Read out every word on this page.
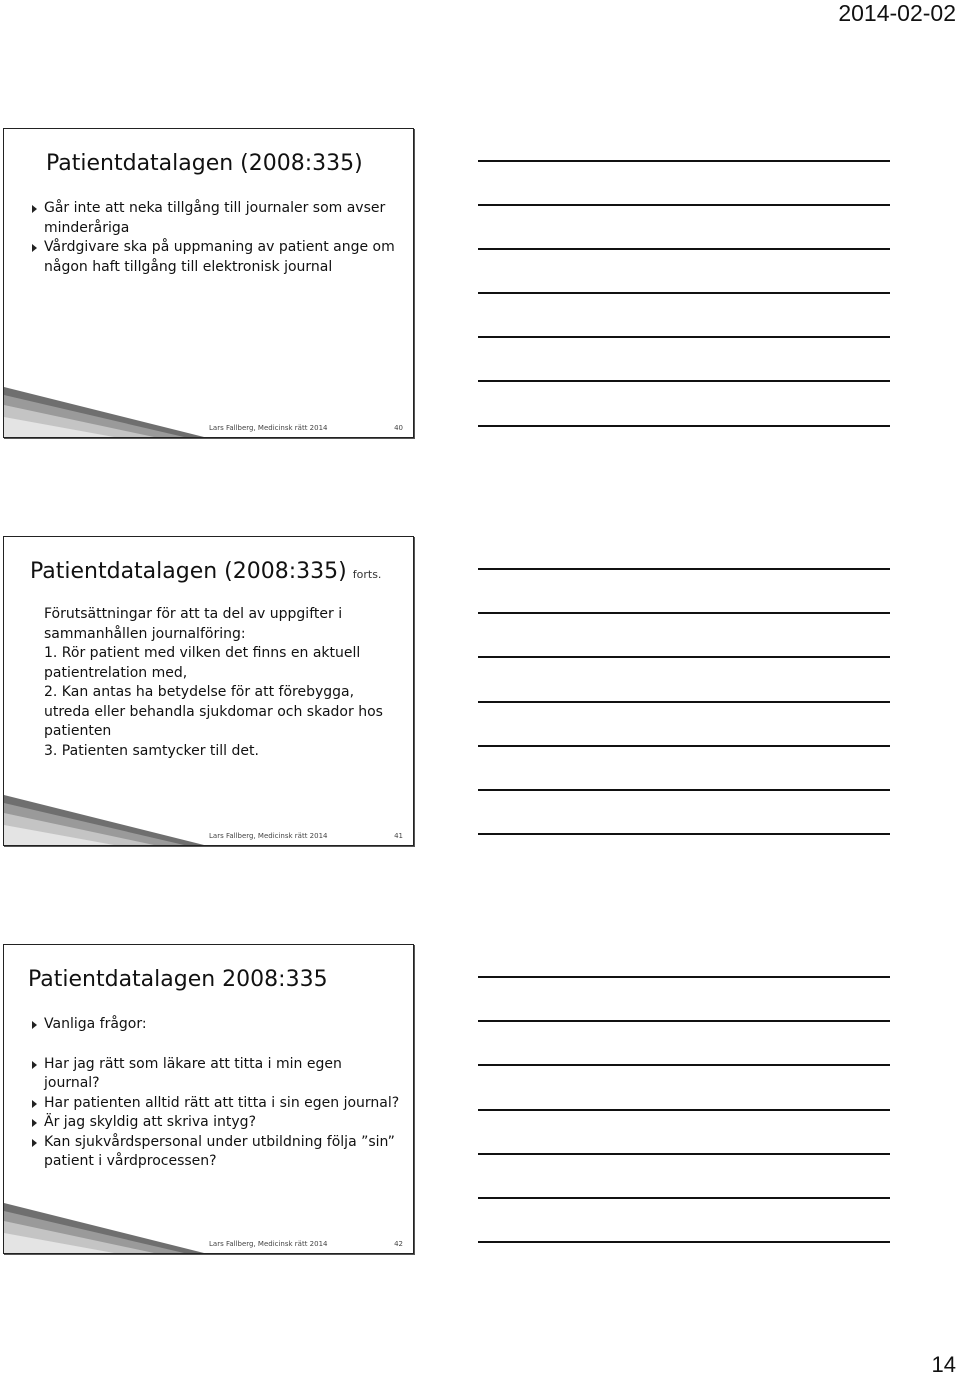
2014-02-02
Patientdatalagen (2008:335)

Går inte att neka tillgång till journaler som avser minderåriga

Vårdgivare ska på uppmaning av patient ange om någon haft tillgång till elektronisk journal

Lars Fallberg, Medicinsk rätt 2014	40
Patientdatalagen (2008:335) forts.

Förutsättningar för att ta del av uppgifter i sammanhållen journalföring:

1. Rör patient med vilken det finns en aktuell patientrelation med,

2. Kan antas ha betydelse för att förebygga, utreda eller behandla sjukdomar och skador hos patienten

3. Patienten samtycker till det.

Lars Fallberg, Medicinsk rätt 2014	41
Patientdatalagen 2008:335

Vanliga frågor:

Har jag rätt som läkare att titta i min egen journal?

Har patienten alltid rätt att titta i sin egen journal?

Är jag skyldig att skriva intyg?

Kan sjukvårdspersonal under utbildning följa ”sin” patient i vårdprocessen?

Lars Fallberg, Medicinsk rätt 2014	42
14
